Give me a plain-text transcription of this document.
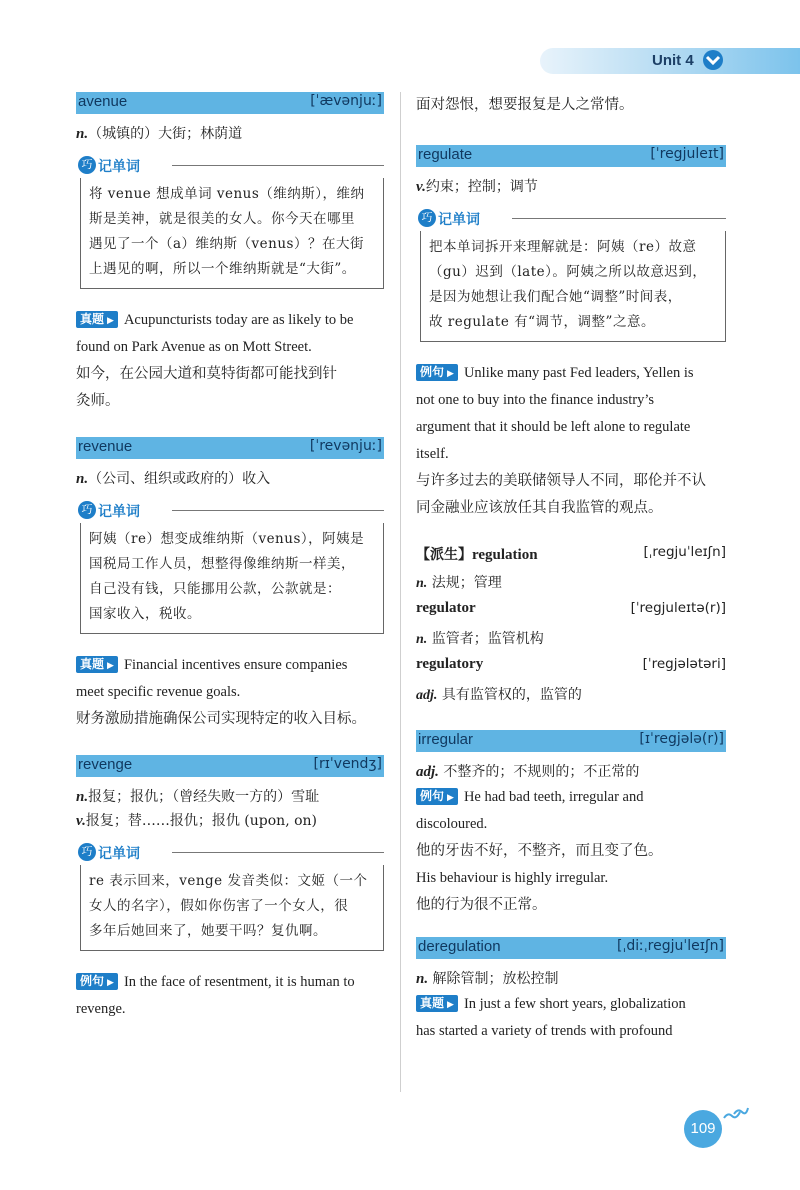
Unit 4
avenue	[ˈævənjuː]

n.（城镇的）大街；林荫道

巧 记单词
将 venue 想成单词 venus（维纳斯），维纳
斯是美神，就是很美的女人。你今天在哪里
遇见了一个（a）维纳斯（venus）？在大街
上遇见的啊，所以一个维纳斯就是“大街”。

真题 ▶ Acupuncturists today are as likely to be

found on Park Avenue as on Mott Street.

如今，在公园大道和莫特街都可能找到针

灸师。

revenue	[ˈrevənjuː]

n.（公司、组织或政府的）收入

巧 记单词
阿姨（re）想变成维纳斯（venus），阿姨是
国税局工作人员，想整得像维纳斯一样美，
自己没有钱，只能挪用公款，公款就是：
国家收入，税收。

真题 ▶ Financial incentives ensure companies

meet specific revenue goals.

财务激励措施确保公司实现特定的收入目标。

revenge	[rɪˈvendʒ]

n.报复；报仇；（曾经失败一方的）雪耻

v.报复；替……报仇；报仇 (upon, on)

巧 记单词
re 表示回来，venge 发音类似：文姬（一个
女人的名字），假如你伤害了一个女人，很
多年后她回来了，她要干吗？复仇啊。

例句 ▶ In the face of resentment, it is human to

revenge.

面对怨恨，想要报复是人之常情。

regulate	[ˈregjuleɪt]

v.约束；控制；调节

巧 记单词
把本单词拆开来理解就是：阿姨（re）故意
（gu）迟到（late）。阿姨之所以故意迟到，
是因为她想让我们配合她“调整”时间表，
故 regulate 有“调节，调整”之意。

例句 ▶ Unlike many past Fed leaders, Yellen is

not one to buy into the finance industry’s

argument that it should be left alone to regulate

itself.

与许多过去的美联储领导人不同，耶伦并不认

同金融业应该放任其自我监管的观点。

【派生】regulation	[ˌregjuˈleɪʃn]
n. 法规；管理
regulator	[ˈregjuleɪtə(r)]
n. 监管者；监管机构
regulatory	[ˈregjələtəri]
adj. 具有监管权的，监管的
irregular	[ɪˈregjələ(r)]

adj. 不整齐的；不规则的；不正常的

例句 ▶ He had bad teeth, irregular and

discoloured.

他的牙齿不好，不整齐，而且变了色。

His behaviour is highly irregular.

他的行为很不正常。

deregulation	[ˌdiːˌregjuˈleɪʃn]

n. 解除管制；放松控制

真题 ▶ In just a few short years, globalization

has started a variety of trends with profound

109
